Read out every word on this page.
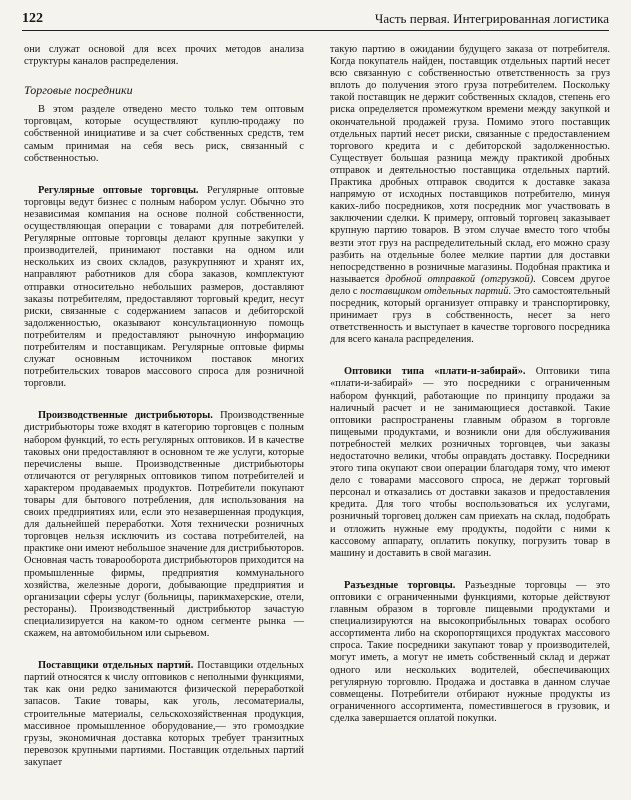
122	Часть первая. Интегрированная логистика

они служат основой для всех прочих методов анализа структуры каналов распределения.

Торговые посредники

В этом разделе отведено место только тем оптовым торговцам, которые осуществляют куплю-продажу по собственной инициативе и за счет собственных средств, тем самым принимая на себя весь риск, связанный с собственностью.

Регулярные оптовые торговцы. Регулярные оптовые торговцы ведут бизнес с полным набором услуг. Обычно это независимая компания на основе полной собственности, осуществляющая операции с товарами для потребителей. Регулярные оптовые торговцы делают крупные закупки у производителей, принимают поставки на одном или нескольких из своих складов, разукрупняют и хранят их, направляют работников для сбора заказов, комплектуют отправки относительно небольших размеров, доставляют заказы потребителям, предоставляют торговый кредит, несут риски, связанные с содержанием запасов и дебиторской задолженностью, оказывают консультационную помощь потребителям и предоставляют рыночную информацию потребителям и поставщикам. Регулярные оптовые фирмы служат основным источником поставок многих потребительских товаров массового спроса для розничной торговли.

Производственные дистрибьюторы. Производственные дистрибьюторы тоже входят в категорию торговцев с полным набором функций, то есть регулярных оптовиков. И в качестве таковых они предоставляют в основном те же услуги, которые перечислены выше. Производственные дистрибьюторы отличаются от регулярных оптовиков типом потребителей и характером продаваемых продуктов. Потребители покупают товары для бытового потребления, для использования на своих предприятиях или, если это незавершенная продукция, для дальнейшей переработки. Хотя технически розничных торговцев нельзя исключить из состава потребителей, на практике они имеют небольшое значение для дистрибьюторов. Основная часть товарооборота дистрибьюторов приходится на промышленные фирмы, предприятия коммунального хозяйства, железные дороги, добывающие предприятия и организации сферы услуг (больницы, парикмахерские, отели, рестораны). Производственный дистрибьютор зачастую специализируется на каком-то одном сегменте рынка — скажем, на автомобильном или сырьевом.

Поставщики отдельных партий. Поставщики отдельных партий относятся к числу оптовиков с неполными функциями, так как они редко занимаются физической переработкой запасов. Такие товары, как уголь, лесоматериалы, строительные материалы, сельскохозяйственная продукция, массивное промышленное оборудование,— это громоздкие грузы, экономичная доставка которых требует транзитных перевозок крупными партиями. Поставщик отдельных партий закупает

такую партию в ожидании будущего заказа от потребителя. Когда покупатель найден, поставщик отдельных партий несет всю связанную с собственностью ответственность за груз вплоть до получения этого груза потребителем. Поскольку такой поставщик не держит собственных складов, степень его риска определяется промежутком времени между закупкой и окончательной продажей груза. Помимо этого поставщик отдельных партий несет риски, связанные с предоставлением торгового кредита и с дебиторской задолженностью. Существует большая разница между практикой дробных отправок и деятельностью поставщика отдельных партий. Практика дробных отправок сводится к доставке заказа напрямую от исходных поставщиков потребителю, минуя каких-либо посредников, хотя посредник мог участвовать в заключении сделки. К примеру, оптовый торговец заказывает крупную партию товаров. В этом случае вместо того чтобы везти этот груз на распределительный склад, его можно сразу разбить на отдельные более мелкие партии для доставки непосредственно в розничные магазины. Подобная практика и называется дробной отправкой (отгрузкой). Совсем другое дело с поставщиком отдельных партий. Это самостоятельный посредник, который организует отправку и транспортировку, принимает груз в собственность, несет за него ответственность и выступает в качестве торгового посредника для всего канала распределения.

Оптовики типа «плати-и-забирай». Оптовики типа «плати-и-забирай» — это посредники с ограниченным набором функций, работающие по принципу продажи за наличный расчет и не занимающиеся доставкой. Такие оптовики распространены главным образом в торговле пищевыми продуктами, и возникли они для обслуживания потребностей мелких розничных торговцев, чьи заказы недостаточно велики, чтобы оправдать доставку. Посредники этого типа окупают свои операции благодаря тому, что имеют дело с товарами массового спроса, не держат торговый персонал и отказались от доставки заказов и предоставления кредита. Для того чтобы воспользоваться их услугами, розничный торговец должен сам приехать на склад, подобрать и отложить нужные ему продукты, подойти с ними к кассовому аппарату, оплатить покупку, погрузить товар в машину и доставить в свой магазин.

Разъездные торговцы. Разъездные торговцы — это оптовики с ограниченными функциями, которые действуют главным образом в торговле пищевыми продуктами и специализируются на высокоприбыльных товарах особого ассортимента либо на скоропортящихся продуктах массового спроса. Такие посредники закупают товар у производителей, могут иметь, а могут не иметь собственный склад и держат одного или нескольких водителей, обеспечивающих регулярную торговлю. Продажа и доставка в данном случае совмещены. Потребители отбирают нужные продукты из ограниченного ассортимента, поместившегося в грузовик, и сделка завершается оплатой покупки.
